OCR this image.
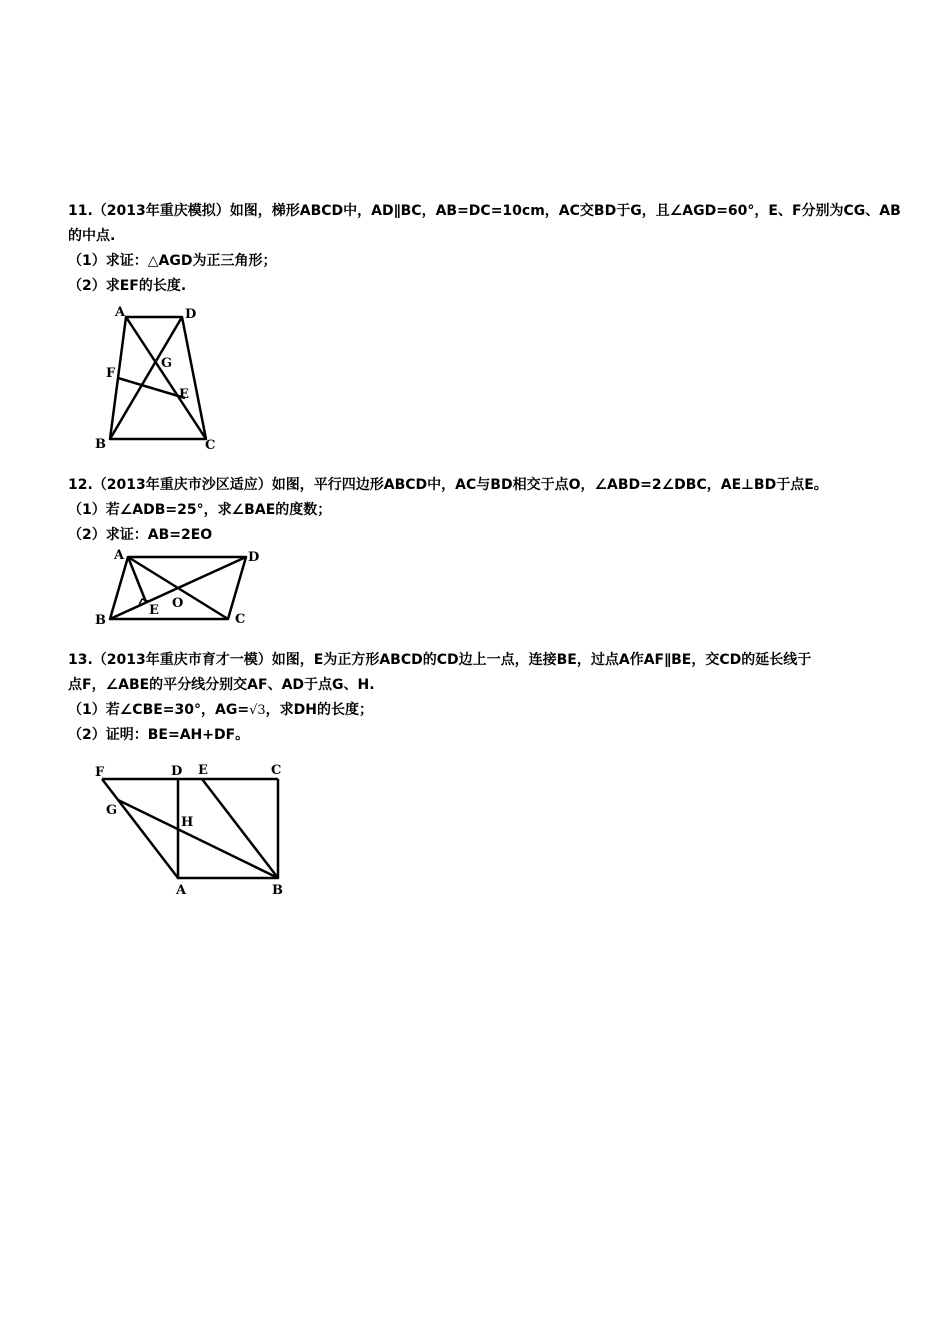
11.（2013年重庆模拟）如图，梯形ABCD中，AD∥BC，AB=DC=10cm，AC交BD于G，且∠AGD=60°，E、F分别为CG、AB
的中点.
（1）求证：△AGD为正三角形；
（2）求EF的长度.
A	D
G
F
E
B	C
12.（2013年重庆市沙区适应）如图，平行四边形ABCD中，AC与BD相交于点O，∠ABD=2∠DBC，AE⊥BD于点E。
（1）若∠ADB=25°，求∠BAE的度数；
（2）求证：AB=2EO
A	D
B
E O
C
13.（2013年重庆市育才一模）如图，E为正方形ABCD的CD边上一点，连接BE，过点A作AF∥BE，交CD的延长线于
点F，∠ABE的平分线分别交AF、AD于点G、H.
（1）若∠CBE=30°，AG=√3，求DH的长度；
（2）证明：BE=AH+DF。
F	D E	C
G
H
A	B
